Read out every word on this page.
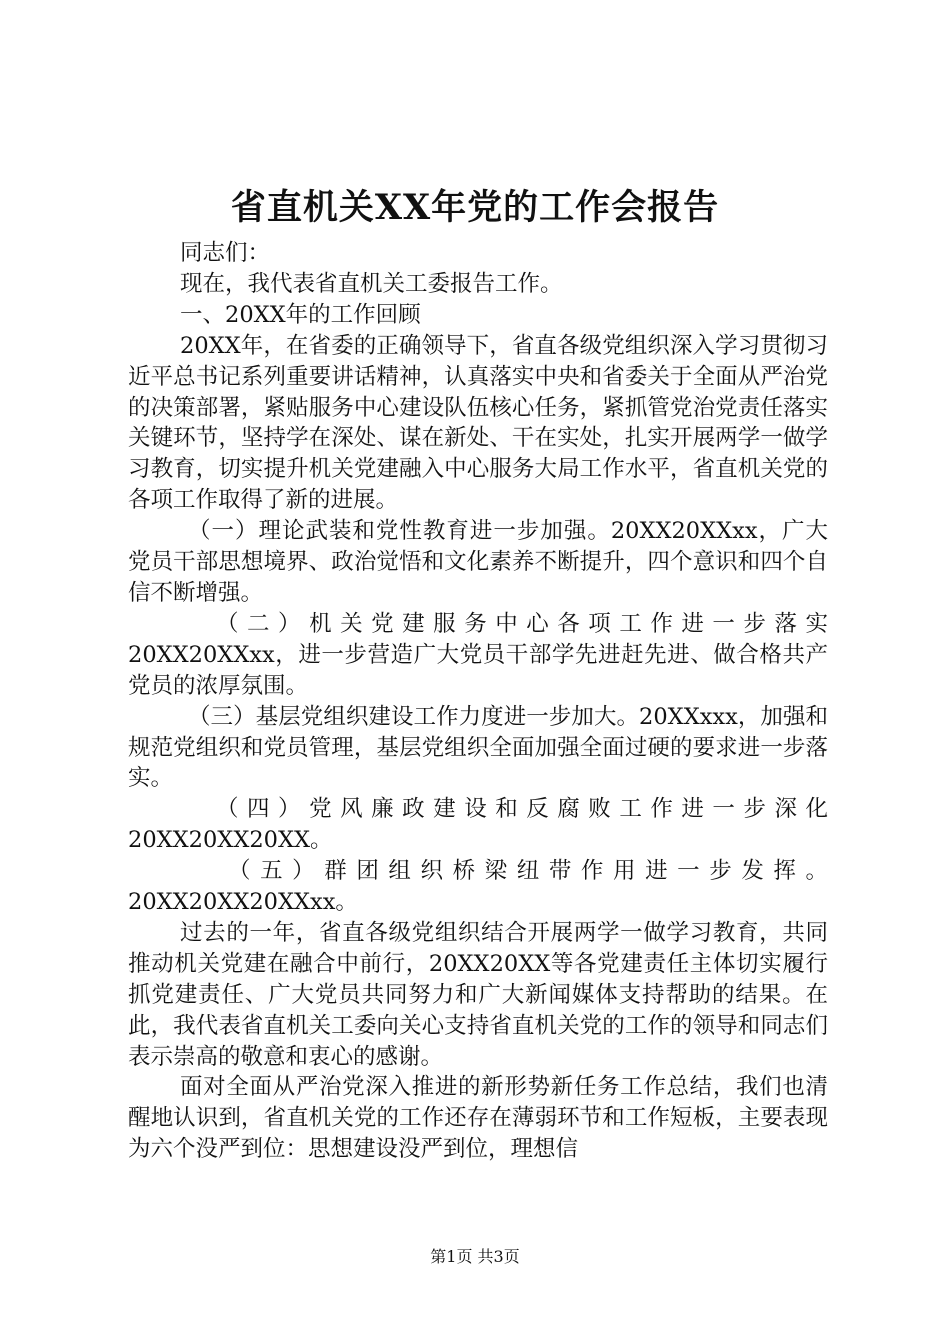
省直机关XX年党的工作会报告

同志们：

现在，我代表省直机关工委报告工作。

一、20XX年的工作回顾

20XX年，在省委的正确领导下，省直各级党组织深入学习贯彻习近平总书记系列重要讲话精神，认真落实中央和省委关于全面从严治党的决策部署，紧贴服务中心建设队伍核心任务，紧抓管党治党责任落实关键环节，坚持学在深处、谋在新处、干在实处，扎实开展两学一做学习教育，切实提升机关党建融入中心服务大局工作水平，省直机关党的各项工作取得了新的进展。

（一）理论武装和党性教育进一步加强。20XX20XXxx，广大党员干部思想境界、政治觉悟和文化素养不断提升，四个意识和四个自信不断增强。

（二）机关党建服务中心各项工作进一步落实20XX20XXxx，进一步营造广大党员干部学先进赶先进、做合格共产党员的浓厚氛围。

（三）基层党组织建设工作力度进一步加大。20XXxxx，加强和规范党组织和党员管理，基层党组织全面加强全面过硬的要求进一步落实。

（四）党风廉政建设和反腐败工作进一步深化20XX20XX20XX。

（五）群团组织桥梁纽带作用进一步发挥。20XX20XX20XXxx。

过去的一年，省直各级党组织结合开展两学一做学习教育，共同推动机关党建在融合中前行，20XX20XX等各党建责任主体切实履行抓党建责任、广大党员共同努力和广大新闻媒体支持帮助的结果。在此，我代表省直机关工委向关心支持省直机关党的工作的领导和同志们表示崇高的敬意和衷心的感谢。

面对全面从严治党深入推进的新形势新任务工作总结，我们也清醒地认识到，省直机关党的工作还存在薄弱环节和工作短板，主要表现为六个没严到位：思想建设没严到位，理想信

第1页 共3页
